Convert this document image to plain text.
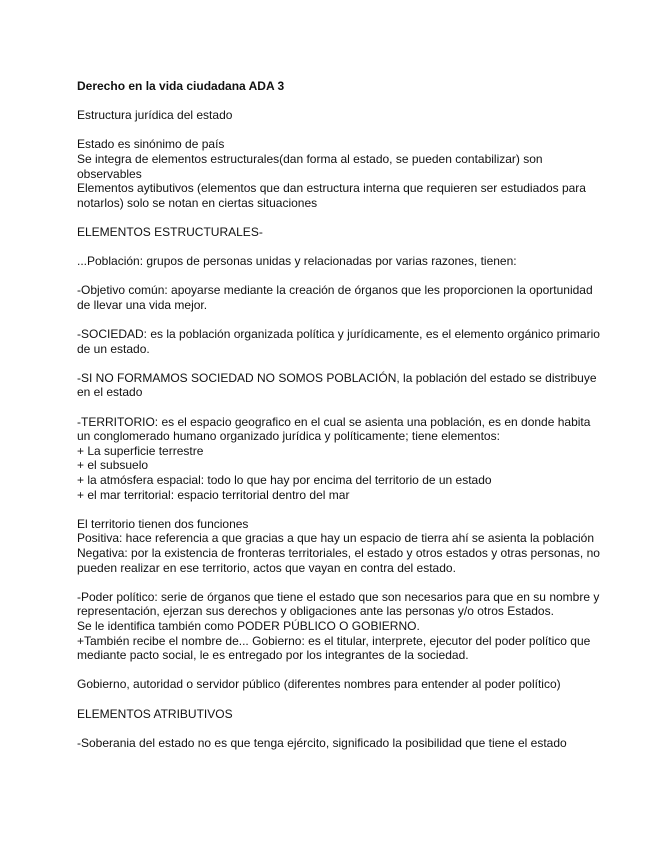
Derecho en la vida ciudadana ADA 3

Estructura jurídica del estado

Estado es sinónimo de país

Se integra de elementos estructurales(dan forma al estado, se pueden contabilizar) son observables

Elementos aytibutivos (elementos que dan estructura interna que requieren ser estudiados para notarlos) solo se notan en ciertas situaciones

ELEMENTOS ESTRUCTURALES-

...Población: grupos de personas unidas y relacionadas por varias razones, tienen:

-Objetivo común: apoyarse mediante la creación de órganos que les proporcionen la oportunidad de llevar una vida mejor.

-SOCIEDAD: es la población organizada política y jurídicamente, es el elemento orgánico primario de un estado.

-SI NO FORMAMOS SOCIEDAD NO SOMOS POBLACIÓN, la población del estado se distribuye en el estado

-TERRITORIO: es el espacio geografico en el cual se asienta una población, es en donde habita un conglomerado humano organizado jurídica y políticamente; tiene elementos:

+ La superficie terrestre

+ el subsuelo

+ la atmósfera espacial: todo lo que hay por encima del territorio de un estado

+ el mar territorial: espacio territorial dentro del mar

El territorio tienen dos funciones

Positiva: hace referencia a que gracias a que hay un espacio de tierra ahí se asienta la población

Negativa: por la existencia de fronteras territoriales, el estado y otros estados y otras personas, no pueden realizar en ese territorio, actos que vayan en contra del estado.

-Poder político: serie de órganos que tiene el estado que son necesarios para que en su nombre y representación, ejerzan sus derechos y obligaciones ante las personas y/o otros Estados.

Se le identifica también como PODER PÚBLICO O GOBIERNO.

+También recibe el nombre de... Gobierno: es el titular, interprete, ejecutor del poder político que mediante pacto social, le es entregado por los integrantes de la sociedad.

Gobierno, autoridad o servidor público (diferentes nombres para entender al poder político)

ELEMENTOS ATRIBUTIVOS

-Soberania del estado no es que tenga ejército, significado la posibilidad que tiene el estado
